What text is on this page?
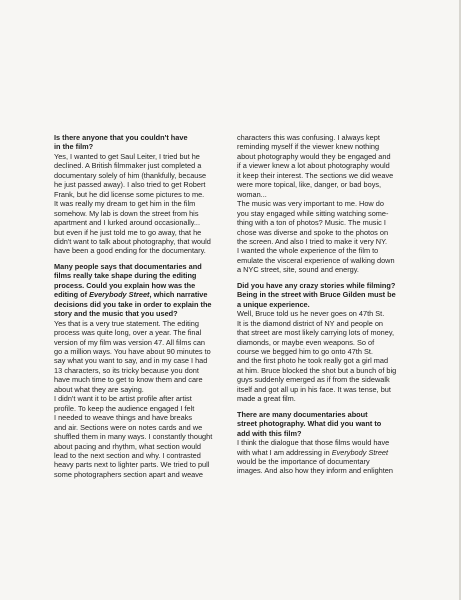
Is there anyone that you couldn't have
in the film?

Yes, I wanted to get Saul Leiter, I tried but he
declined. A British filmmaker just completed a
documentary solely of him (thankfully, because
he just passed away). I also tried to get Robert
Frank, but he did license some pictures to me.
It was really my dream to get him in the film
somehow. My lab is down the street from his
apartment and I lurked around occasionally...
but even if he just told me to go away, that he
didn't want to talk about photography, that would
have been a good ending for the documentary.

Many people says that documentaries and
films really take shape during the editing
process. Could you explain how was the
editing of Everybody Street, which narrative
decisions did you take in order to explain the
story and the music that you used?

Yes that is a very true statement. The editing
process was quite long, over a year. The final
version of my film was version 47. All films can
go a million ways. You have about 90 minutes to
say what you want to say, and in my case I had
13 characters, so its tricky because you dont
have much time to get to know them and care
about what they are saying.
I didn't want it to be artist profile after artist
profile. To keep the audience engaged I felt
I needed to weave things and have breaks
and air. Sections were on notes cards and we
shuffled them in many ways. I constantly thought
about pacing and rhythm, what section would
lead to the next section and why. I contrasted
heavy parts next to lighter parts. We tried to pull
some photographers section apart and weave

characters this was confusing. I always kept
reminding myself if the viewer knew nothing
about photography would they be engaged and
if a viewer knew a lot about photography would
it keep their interest. The sections we did weave
were more topical, like, danger, or bad boys,
woman...
The music was very important to me. How do
you stay engaged while sitting watching some-
thing with a ton of photos? Music. The music I
chose was diverse and spoke to the photos on
the screen. And also I tried to make it very NY.
I wanted the whole experience of the film to
emulate the visceral experience of walking down
a NYC street, site, sound and energy.

Did you have any crazy stories while filming?
Being in the street with Bruce Gilden must be
a unique experience.

Well, Bruce told us he never goes on 47th St.
It is the diamond district of NY and people on
that street are most likely carrying lots of money,
diamonds, or maybe even weapons. So of
course we begged him to go onto 47th St.
and the first photo he took really got a girl mad
at him. Bruce blocked the shot but a bunch of big
guys suddenly emerged as if from the sidewalk
itself and got all up in his face. It was tense, but
made a great film.

There are many documentaries about
street photography. What did you want to
add with this film?

I think the dialogue that those films would have
with what I am addressing in Everybody Street
would be the importance of documentary
images. And also how they inform and enlighten
